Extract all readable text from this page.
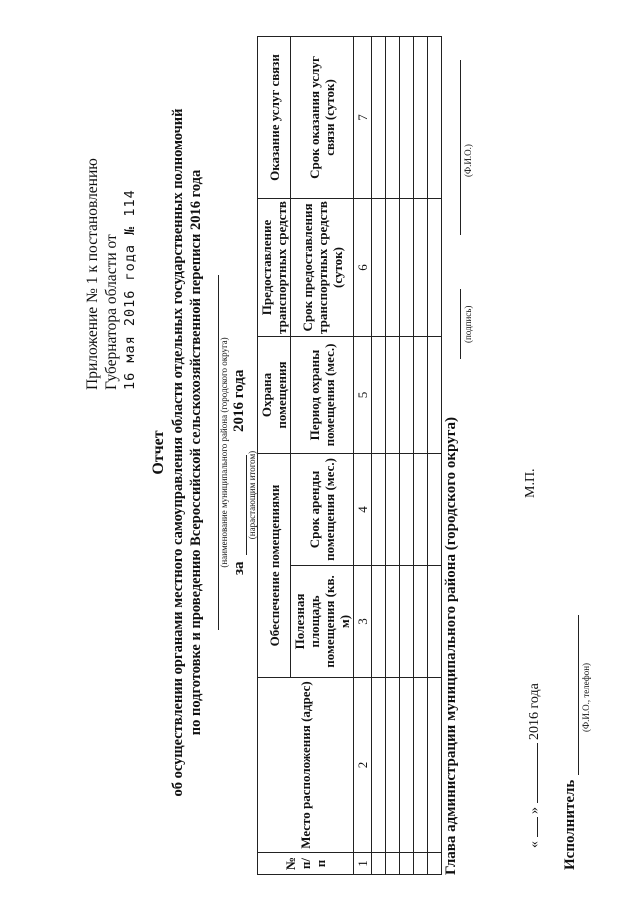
Приложение № 1 к постановлению Губернатора области от 16 мая 2016 года № 114
Отчет об осуществлении органами местного самоуправления области отдельных государственных полномочий по подготовке и проведению Всероссийской сельскохозяйственной переписи 2016 года (наименование муниципального района (городского округа)
за
2016 года
(нарастающим итогом)
№ п/п	Место расположения (адрес)	Обеспечение помещениями		Охрана помещения	Предоставление транспортных средств	Оказание услуг связи
		Полезная площадь помещения (кв. м)	Срок аренды помещения (мес.)	Период охраны помещения (мес.)	Срок предоставления транспортных средств (суток)	Срок оказания услуг связи (суток)
1	2	3	4	5	6	7

Глава администрации муниципального района (городского округа)
(подпись)
(Ф.И.О.)
М.П.
«  »  2016 года
Исполнитель
(Ф.И.О., телефон)
